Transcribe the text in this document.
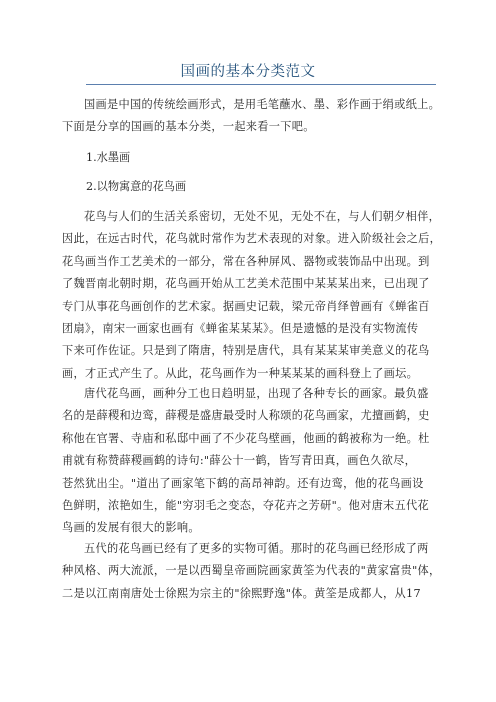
国画的基本分类范文
国画是中国的传统绘画形式，是用毛笔蘸水、墨、彩作画于绢或纸上。
下面是分享的国画的基本分类，一起来看一下吧。
1.水墨画
2.以物寓意的花鸟画
花鸟与人们的生活关系密切，无处不见，无处不在，与人们朝夕相伴，
因此，在远古时代，花鸟就时常作为艺术表现的对象。进入阶级社会之后，
花鸟画当作工艺美术的一部分，常在各种屏风、器物或装饰品中出现。到
了魏晋南北朝时期，花鸟画开始从工艺美术范围中某某某出来，已出现了
专门从事花鸟画创作的艺术家。据画史记载，梁元帝肖绎曾画有《蝉雀百
团扇》，南宋一画家也画有《蝉雀某某某》。但是遗憾的是没有实物流传
下来可作佐证。只是到了隋唐，特别是唐代，具有某某某审美意义的花鸟
画，才正式产生了。从此，花鸟画作为一种某某某的画科登上了画坛。
唐代花鸟画，画种分工也日趋明显，出现了各种专长的画家。最负盛
名的是薛稷和边鸾，薛稷是盛唐最受时人称颂的花鸟画家，尤擅画鹤，史
称他在官署、寺庙和私邸中画了不少花鸟壁画，他画的鹤被称为一绝。杜
甫就有称赞薛稷画鹤的诗句:"薛公十一鹤，皆写青田真，画色久欲尽，
苍然犹出尘。"道出了画家笔下鹤的高昂神韵。还有边鸾，他的花鸟画设
色鲜明，浓艳如生，能"穷羽毛之变态，夺花卉之芳研"。他对唐末五代花
鸟画的发展有很大的影响。
五代的花鸟画已经有了更多的实物可循。那时的花鸟画已经形成了两
种风格、两大流派，一是以西蜀皇帝画院画家黄筌为代表的"黄家富贵"体，
二是以江南南唐处士徐熙为宗主的"徐熙野逸"体。黄筌是成都人，从17
